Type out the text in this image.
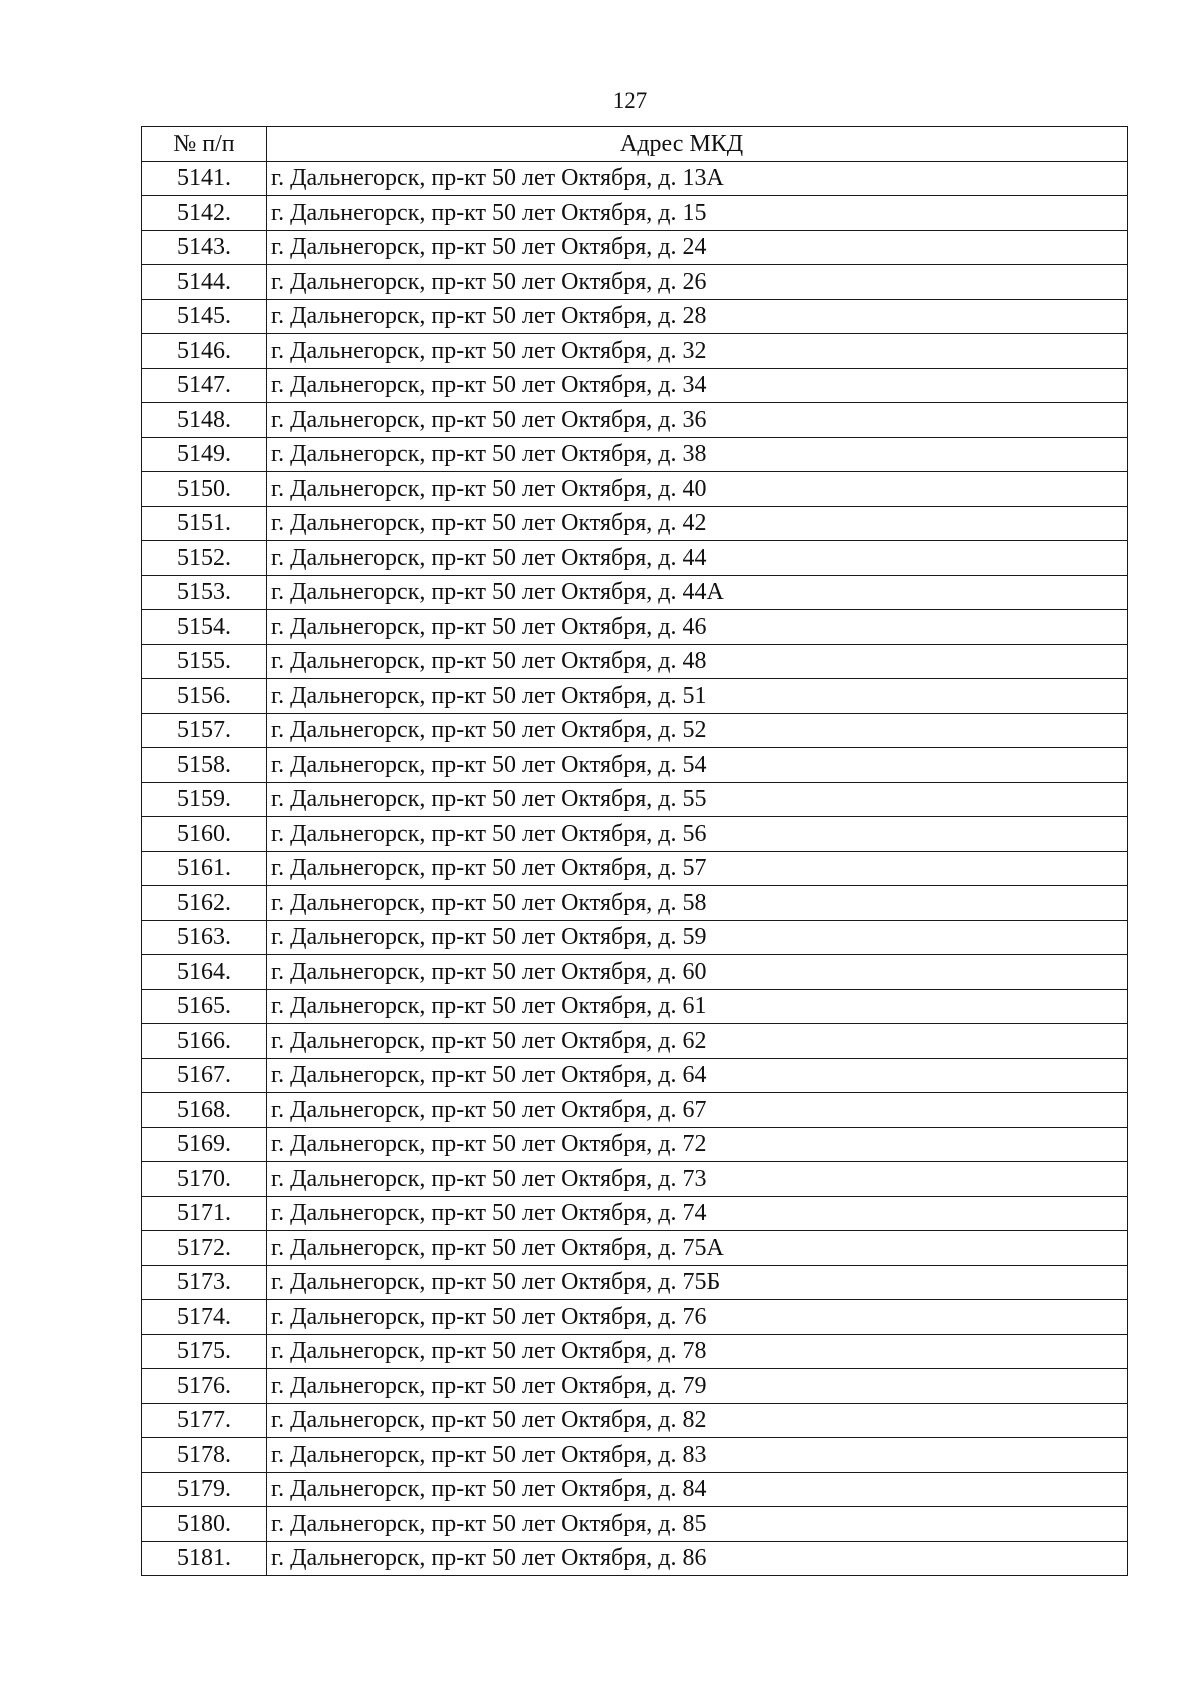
127
№ п/п	Адрес МКД
5141.	г. Дальнегорск, пр-кт 50 лет Октября, д. 13А
5142.	г. Дальнегорск, пр-кт 50 лет Октября, д. 15
5143.	г. Дальнегорск, пр-кт 50 лет Октября, д. 24
5144.	г. Дальнегорск, пр-кт 50 лет Октября, д. 26
5145.	г. Дальнегорск, пр-кт 50 лет Октября, д. 28
5146.	г. Дальнегорск, пр-кт 50 лет Октября, д. 32
5147.	г. Дальнегорск, пр-кт 50 лет Октября, д. 34
5148.	г. Дальнегорск, пр-кт 50 лет Октября, д. 36
5149.	г. Дальнегорск, пр-кт 50 лет Октября, д. 38
5150.	г. Дальнегорск, пр-кт 50 лет Октября, д. 40
5151.	г. Дальнегорск, пр-кт 50 лет Октября, д. 42
5152.	г. Дальнегорск, пр-кт 50 лет Октября, д. 44
5153.	г. Дальнегорск, пр-кт 50 лет Октября, д. 44А
5154.	г. Дальнегорск, пр-кт 50 лет Октября, д. 46
5155.	г. Дальнегорск, пр-кт 50 лет Октября, д. 48
5156.	г. Дальнегорск, пр-кт 50 лет Октября, д. 51
5157.	г. Дальнегорск, пр-кт 50 лет Октября, д. 52
5158.	г. Дальнегорск, пр-кт 50 лет Октября, д. 54
5159.	г. Дальнегорск, пр-кт 50 лет Октября, д. 55
5160.	г. Дальнегорск, пр-кт 50 лет Октября, д. 56
5161.	г. Дальнегорск, пр-кт 50 лет Октября, д. 57
5162.	г. Дальнегорск, пр-кт 50 лет Октября, д. 58
5163.	г. Дальнегорск, пр-кт 50 лет Октября, д. 59
5164.	г. Дальнегорск, пр-кт 50 лет Октября, д. 60
5165.	г. Дальнегорск, пр-кт 50 лет Октября, д. 61
5166.	г. Дальнегорск, пр-кт 50 лет Октября, д. 62
5167.	г. Дальнегорск, пр-кт 50 лет Октября, д. 64
5168.	г. Дальнегорск, пр-кт 50 лет Октября, д. 67
5169.	г. Дальнегорск, пр-кт 50 лет Октября, д. 72
5170.	г. Дальнегорск, пр-кт 50 лет Октября, д. 73
5171.	г. Дальнегорск, пр-кт 50 лет Октября, д. 74
5172.	г. Дальнегорск, пр-кт 50 лет Октября, д. 75А
5173.	г. Дальнегорск, пр-кт 50 лет Октября, д. 75Б
5174.	г. Дальнегорск, пр-кт 50 лет Октября, д. 76
5175.	г. Дальнегорск, пр-кт 50 лет Октября, д. 78
5176.	г. Дальнегорск, пр-кт 50 лет Октября, д. 79
5177.	г. Дальнегорск, пр-кт 50 лет Октября, д. 82
5178.	г. Дальнегорск, пр-кт 50 лет Октября, д. 83
5179.	г. Дальнегорск, пр-кт 50 лет Октября, д. 84
5180.	г. Дальнегорск, пр-кт 50 лет Октября, д. 85
5181.	г. Дальнегорск, пр-кт 50 лет Октября, д. 86
